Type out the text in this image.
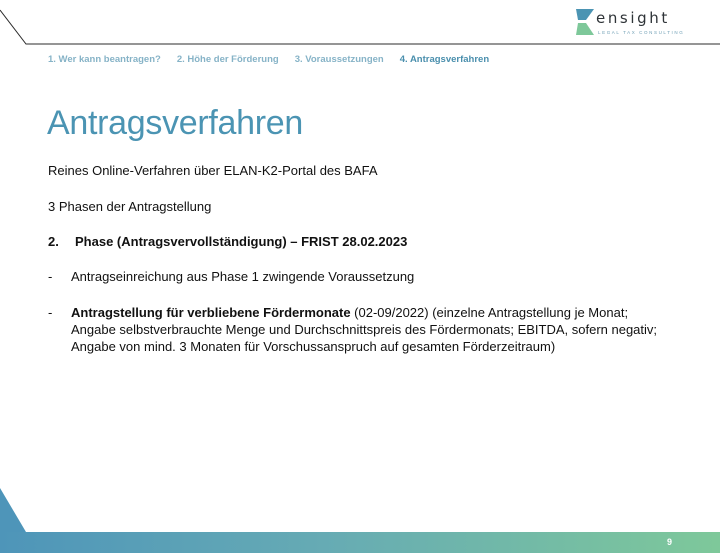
ensight
LEGAL TAX CONSULTING
1. Wer kann beantragen? 2. Höhe der Förderung 3. Voraussetzungen 4. Antragsverfahren
Antragsverfahren

Reines Online-Verfahren über ELAN-K2-Portal des BAFA

3 Phasen der Antragstellung

2. Phase (Antragsvervollständigung) – FRIST 28.02.2023
- Antragseinreichung aus Phase 1 zwingende Voraussetzung
- Antragstellung für verbliebene Fördermonate (02-09/2022) (einzelne Antragstellung je Monat; Angabe selbstverbrauchte Menge und Durchschnittspreis des Fördermonats; EBITDA, sofern negativ; Angabe von mind. 3 Monaten für Vorschussanspruch auf gesamten Förderzeitraum)
9
